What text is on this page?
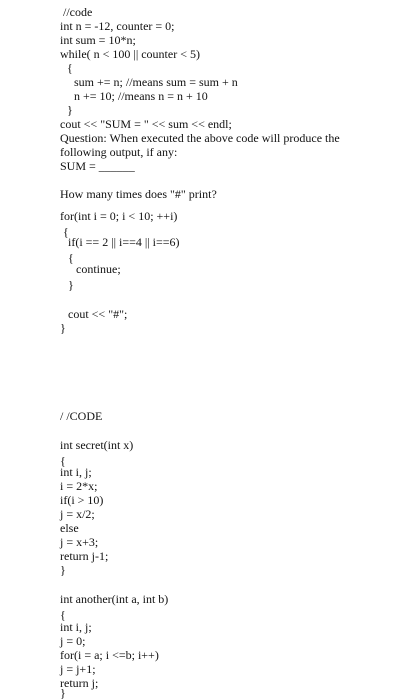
//code
int n = -12, counter = 0;
int sum = 10*n;
while( n < 100 || counter < 5)
{
sum += n; //means sum = sum + n
n += 10; //means n = n + 10
}
cout << "SUM = " << sum << endl;
Question: When executed the above code will produce the
following output, if any:
SUM = ______
How many times does "#" print?
for(int i = 0; i < 10; ++i)
{
if(i == 2 || i==4 || i==6)
{
continue;
}
cout << "#";
}
/ /CODE
int secret(int x)
{
int i, j;
i = 2*x;
if(i > 10)
j = x/2;
else
j = x+3;
return j-1;
}
int another(int a, int b)
{
int i, j;
j = 0;
for(i = a; i <=b; i++)
j = j+1;
return j;
}
